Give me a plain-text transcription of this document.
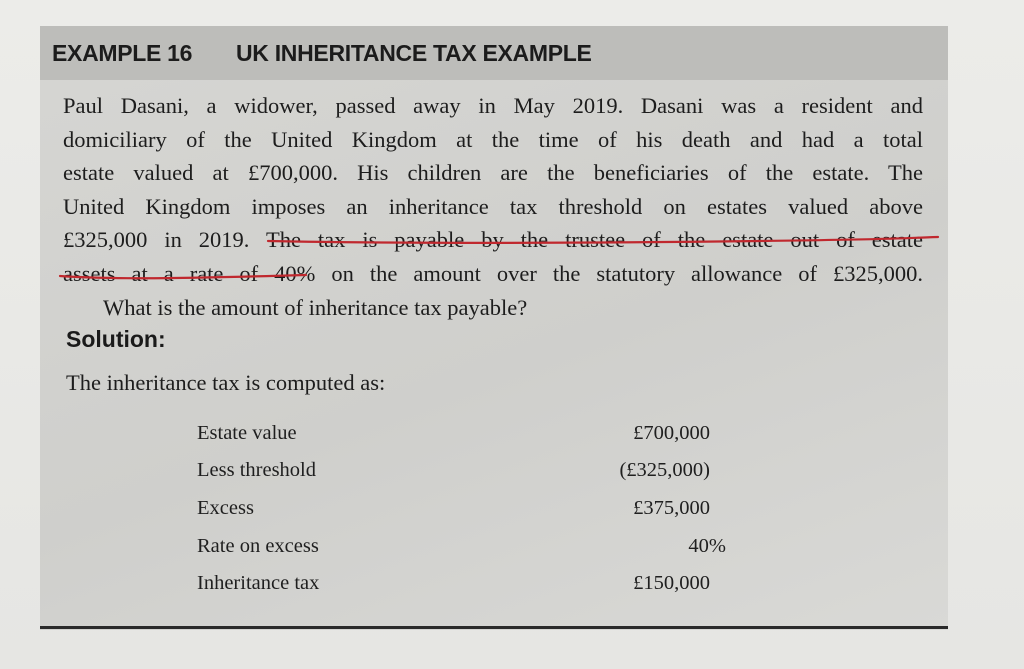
EXAMPLE 16 UK INHERITANCE TAX EXAMPLE
Paul Dasani, a widower, passed away in May 2019. Dasani was a resident and
domiciliary of the United Kingdom at the time of his death and had a total
estate valued at £700,000. His children are the beneficiaries of the estate. The
United Kingdom imposes an inheritance tax threshold on estates valued above
£325,000 in 2019. The tax is payable by the trustee of the estate out of estate
assets at a rate of 40% on the amount over the statutory allowance of £325,000.
What is the amount of inheritance tax payable?
Solution:
The inheritance tax is computed as:
Estate value	£700,000
Less threshold	(£325,000)
Excess	£375,000
Rate on excess	40%
Inheritance tax	£150,000
